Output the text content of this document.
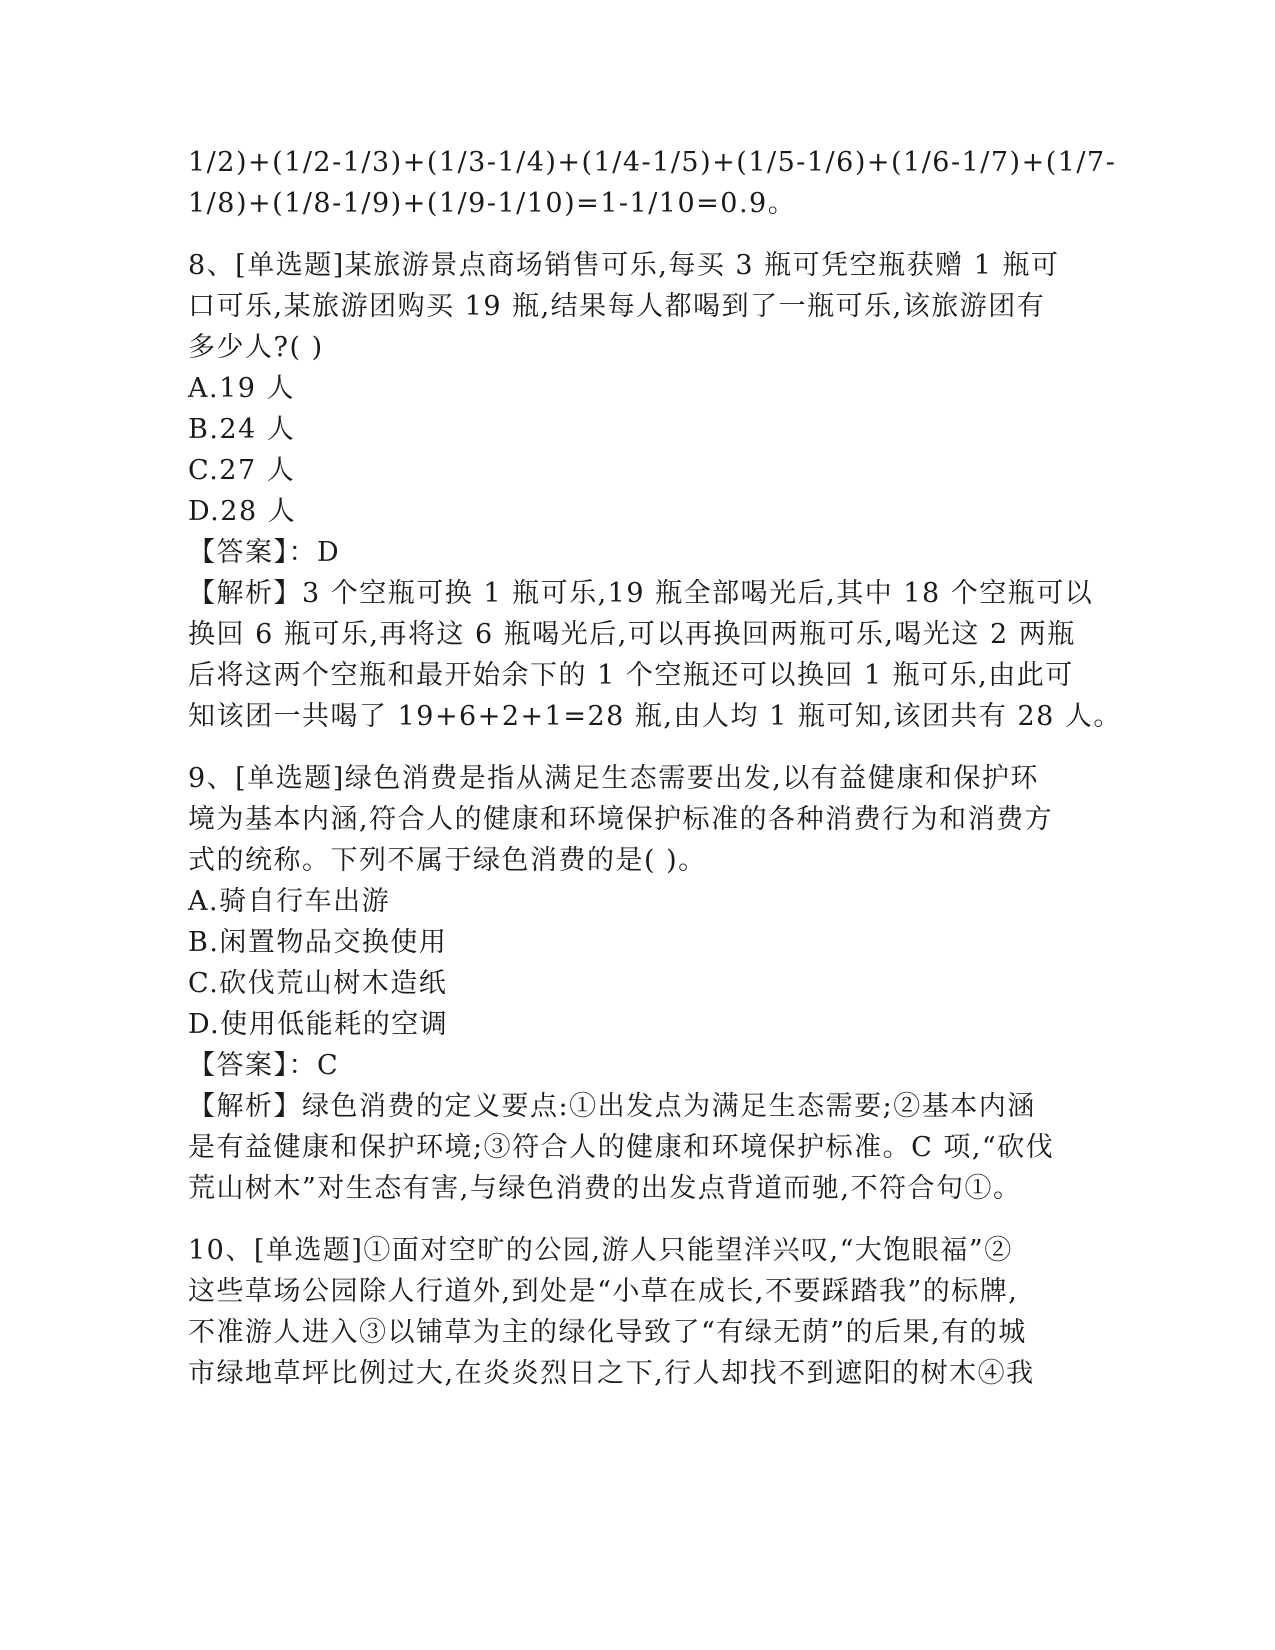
1/2)+(1/2-1/3)+(1/3-1/4)+(1/4-1/5)+(1/5-1/6)+(1/6-1/7)+(1/7-
1/8)+(1/8-1/9)+(1/9-1/10)=1-1/10=0.9。
8、[单选题]某旅游景点商场销售可乐,每买 3 瓶可凭空瓶获赠 1 瓶可
口可乐,某旅游团购买 19 瓶,结果每人都喝到了一瓶可乐,该旅游团有
多少人?( )
A.19 人
B.24 人
C.27 人
D.28 人
【答案】：D
【解析】3 个空瓶可换 1 瓶可乐,19 瓶全部喝光后,其中 18 个空瓶可以
换回 6 瓶可乐,再将这 6 瓶喝光后,可以再换回两瓶可乐,喝光这 2 两瓶
后将这两个空瓶和最开始余下的 1 个空瓶还可以换回 1 瓶可乐,由此可
知该团一共喝了 19+6+2+1=28 瓶,由人均 1 瓶可知,该团共有 28 人。
9、[单选题]绿色消费是指从满足生态需要出发,以有益健康和保护环
境为基本内涵,符合人的健康和环境保护标准的各种消费行为和消费方
式的统称。下列不属于绿色消费的是( )。
A.骑自行车出游
B.闲置物品交换使用
C.砍伐荒山树木造纸
D.使用低能耗的空调
【答案】：C
【解析】绿色消费的定义要点:①出发点为满足生态需要;②基本内涵
是有益健康和保护环境;③符合人的健康和环境保护标准。C 项,“砍伐
荒山树木”对生态有害,与绿色消费的出发点背道而驰,不符合句①。
10、[单选题]①面对空旷的公园,游人只能望洋兴叹,“大饱眼福”②
这些草场公园除人行道外,到处是“小草在成长,不要踩踏我”的标牌,
不准游人进入③以铺草为主的绿化导致了“有绿无荫”的后果,有的城
市绿地草坪比例过大,在炎炎烈日之下,行人却找不到遮阳的树木④我
